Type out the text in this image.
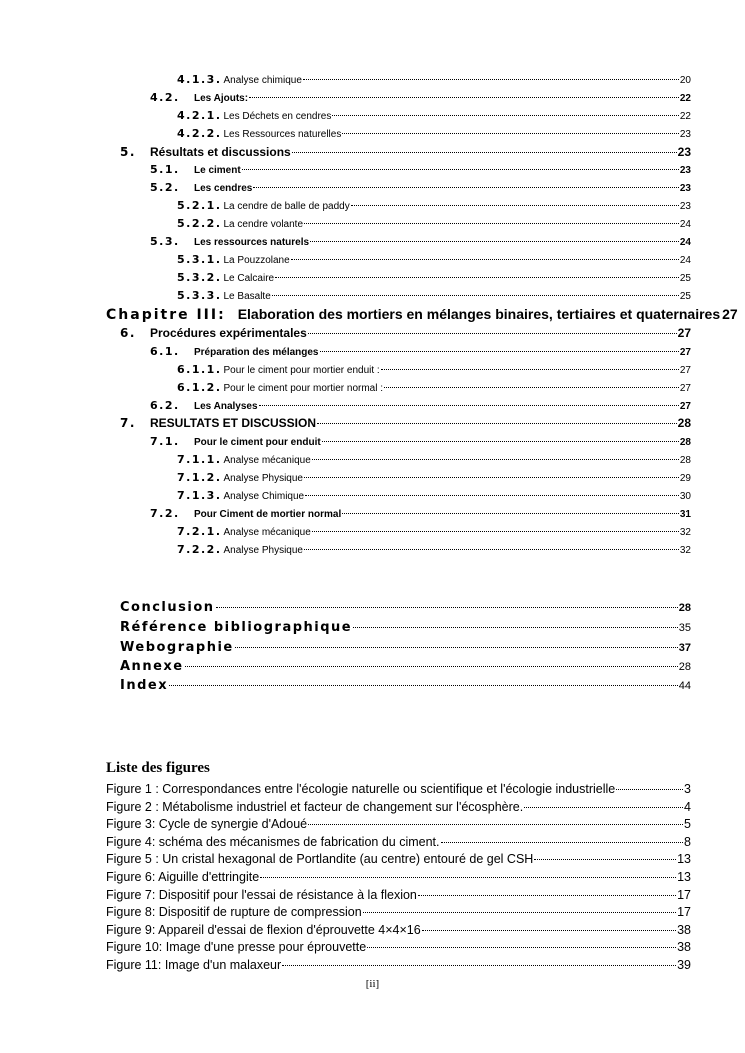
4.1.3. Analyse chimique	20
4.2.	Les Ajouts:	22
4.2.1. Les Déchets en cendres	22
4.2.2. Les Ressources naturelles	23
5.	Résultats et discussions	23
5.1.	Le ciment	23
5.2.	Les cendres	23
5.2.1. La cendre de balle de paddy	23
5.2.2. La cendre volante	24
5.3.	Les ressources naturels	24
5.3.1. La Pouzzolane	24
5.3.2. Le Calcaire	25
5.3.3. Le Basalte	25
Chapitre III: Elaboration des mortiers en mélanges binaires, tertiaires et quaternaires 27
6.	Procédures expérimentales	27
6.1.	Préparation des mélanges	27
6.1.1. Pour le ciment pour mortier enduit :	27
6.1.2. Pour le ciment pour mortier normal :	27
6.2.	Les Analyses	27
7.	RESULTATS ET DISCUSSION	28
7.1.	Pour le ciment pour enduit	28
7.1.1. Analyse mécanique	28
7.1.2. Analyse Physique	29
7.1.3. Analyse Chimique	30
7.2.	Pour Ciment de mortier normal	31
7.2.1. Analyse mécanique	32
7.2.2. Analyse Physique	32
Conclusion	28
Référence bibliographique	35
Webographie	37
Annexe	28
Index	44
Liste des figures
Figure 1 : Correspondances entre l'écologie naturelle ou scientifique et l'écologie industrielle	3
Figure 2 : Métabolisme industriel et facteur de changement sur l'écosphère.	4
Figure 3: Cycle de synergie d'Adoué	5
Figure 4: schéma des mécanismes de fabrication du ciment.	8
Figure 5 : Un cristal hexagonal de Portlandite (au centre) entouré de gel CSH	13
Figure 6: Aiguille d'ettringite	13
Figure 7: Dispositif pour l'essai de résistance à la flexion	17
Figure 8: Dispositif de rupture de compression	17
Figure 9: Appareil d'essai de flexion d'éprouvette 4×4×16	38
Figure 10: Image d'une presse pour éprouvette	38
Figure 11: Image d'un malaxeur	39
[ii]
